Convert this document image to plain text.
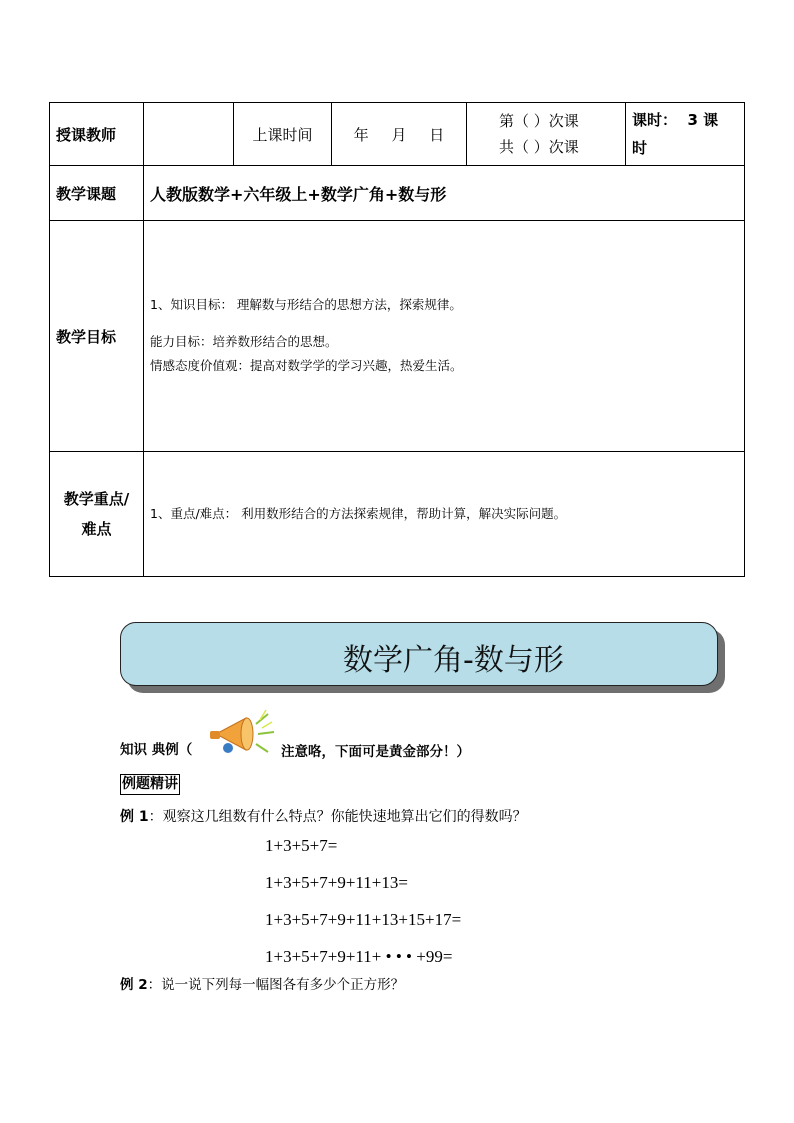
授课教师		上课时间	年 月 日	第（ ）次课
共（ ）次课	课时：  3 课
时

教学课题	人教版数学+六年级上+数学广角+数与形				
教学目标	1、知识目标： 理解数与形结合的思想方法，探索规律。
能力目标：培养数形结合的思想。
情感态度价值观：提高对数学学的学习兴趣，热爱生活。				

教学重点/
难点	1、重点/难点： 利用数形结合的方法探索规律，帮助计算，解决实际问题。				
数学广角-数与形
知识 典例（	注意咯，下面可是黄金部分！）
例题精讲
例 1：观察这几组数有什么特点？你能快速地算出它们的得数吗？
1+3+5+7=
1+3+5+7+9+11+13=
1+3+5+7+9+11+13+15+17=
1+3+5+7+9+11+ • • • +99=
例 2：说一说下列每一幅图各有多少个正方形？
